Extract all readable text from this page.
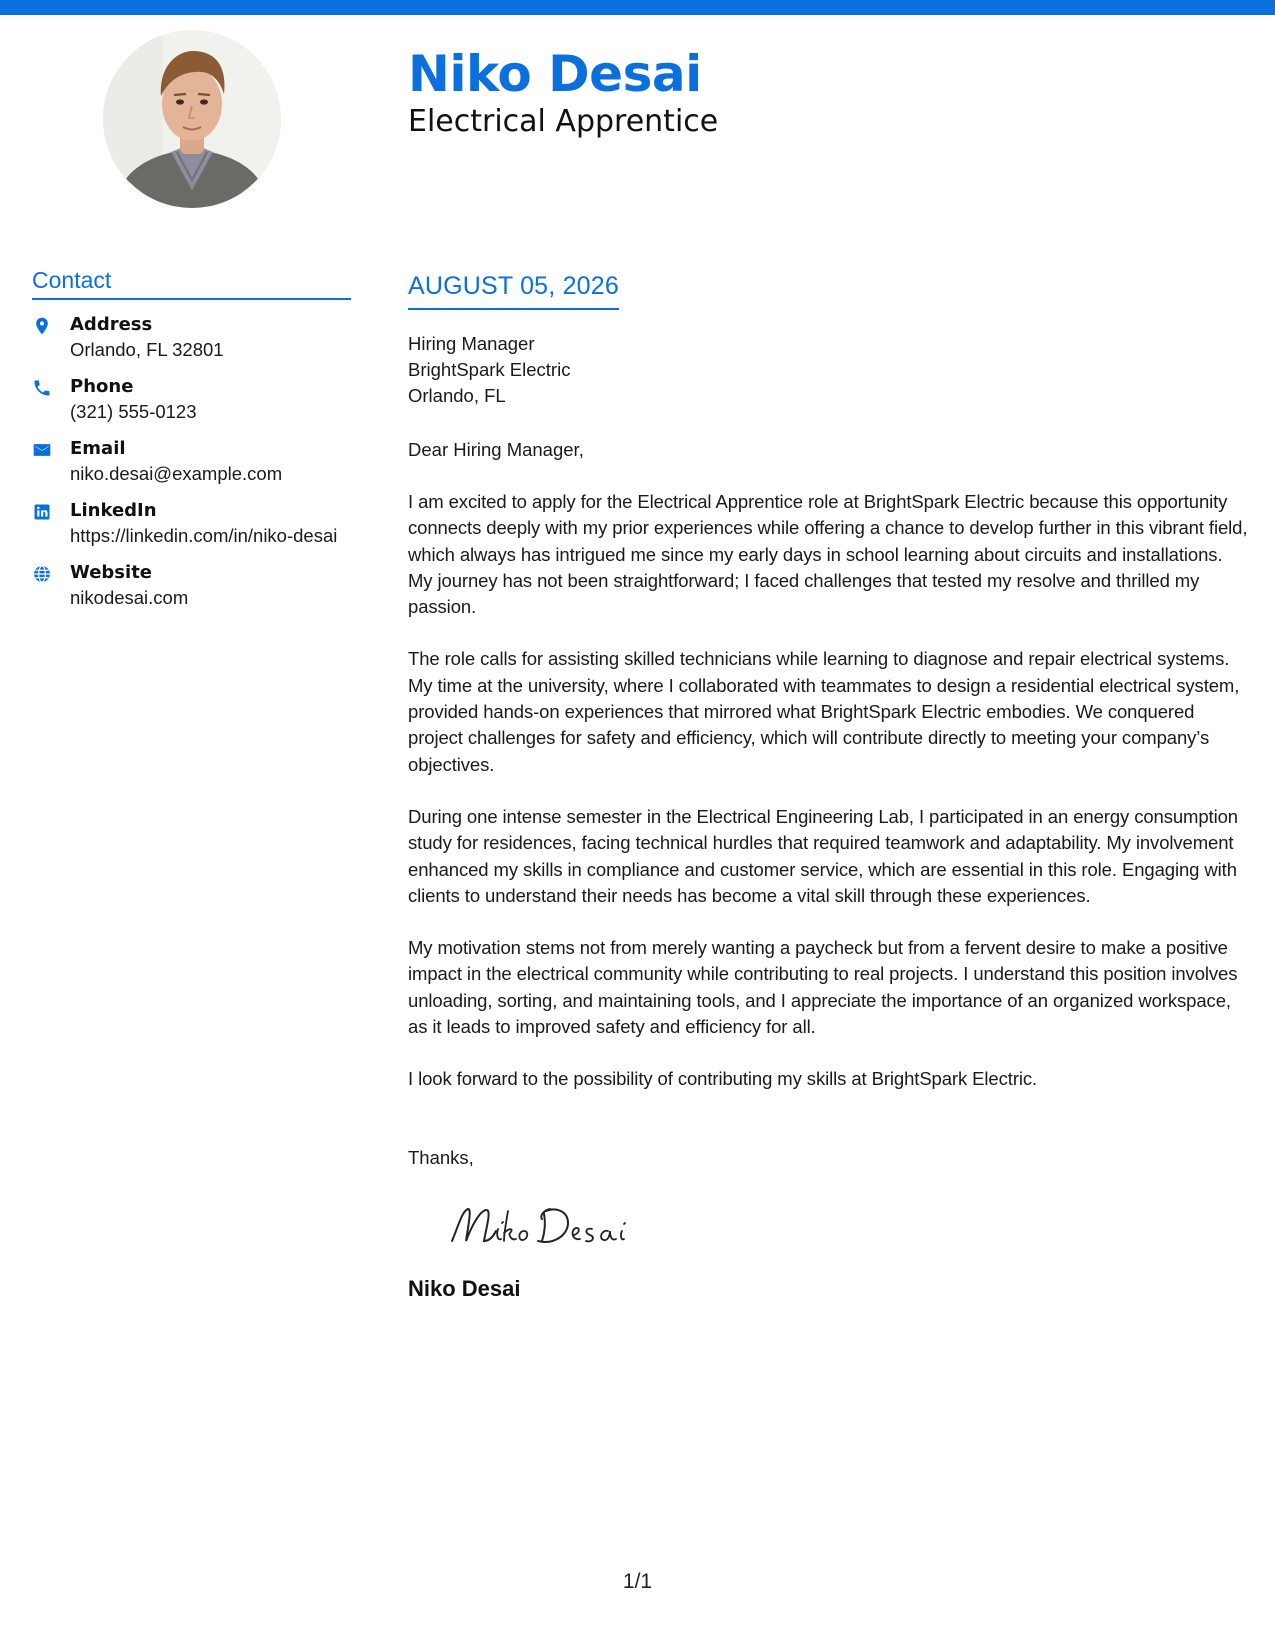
Niko Desai
Electrical Apprentice
Contact
Address
Orlando, FL 32801
Phone
(321) 555-0123
Email
niko.desai@example.com
LinkedIn
https://linkedin.com/in/niko-desai
Website
nikodesai.com
AUGUST 05, 2026
Hiring Manager
BrightSpark Electric
Orlando, FL
Dear Hiring Manager,

I am excited to apply for the Electrical Apprentice role at BrightSpark Electric because this opportunity connects deeply with my prior experiences while offering a chance to develop further in this vibrant field, which always has intrigued me since my early days in school learning about circuits and installations. My journey has not been straightforward; I faced challenges that tested my resolve and thrilled my passion.

The role calls for assisting skilled technicians while learning to diagnose and repair electrical systems. My time at the university, where I collaborated with teammates to design a residential electrical system, provided hands-on experiences that mirrored what BrightSpark Electric embodies. We conquered project challenges for safety and efficiency, which will contribute directly to meeting your company’s objectives.

During one intense semester in the Electrical Engineering Lab, I participated in an energy consumption study for residences, facing technical hurdles that required teamwork and adaptability. My involvement enhanced my skills in compliance and customer service, which are essential in this role. Engaging with clients to understand their needs has become a vital skill through these experiences.

My motivation stems not from merely wanting a paycheck but from a fervent desire to make a positive impact in the electrical community while contributing to real projects. I understand this position involves unloading, sorting, and maintaining tools, and I appreciate the importance of an organized workspace, as it leads to improved safety and efficiency for all.

I look forward to the possibility of contributing my skills at BrightSpark Electric.

Thanks,
Niko Desai
1/1
